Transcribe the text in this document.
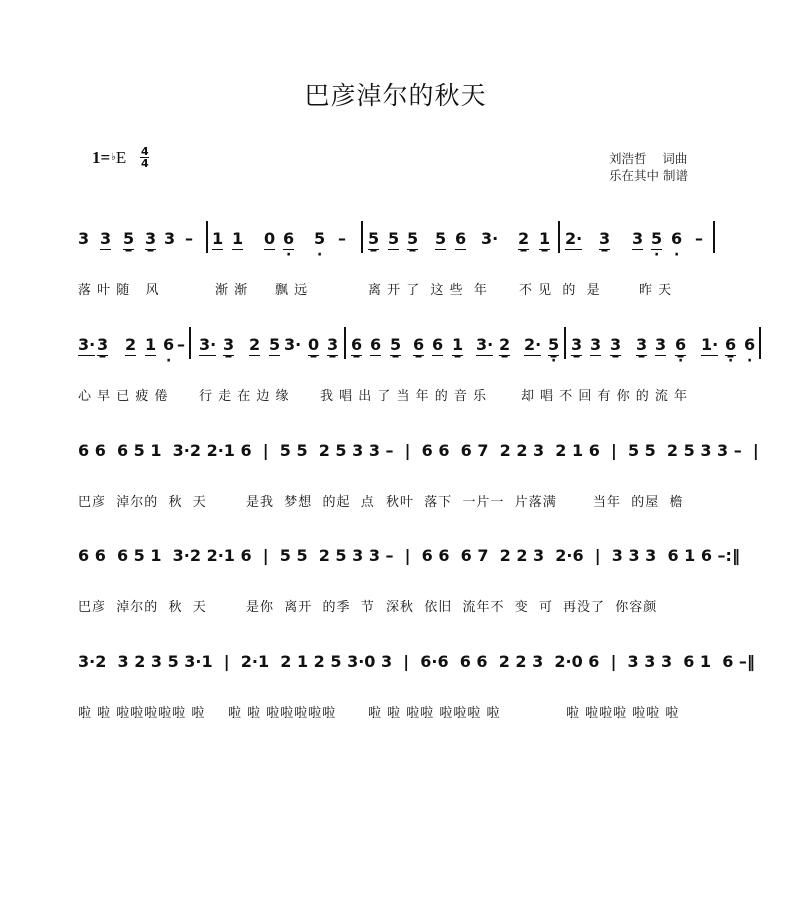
巴彦淖尔的秋天
1= ♭ E 4
4	刘浩哲    词曲
乐在其中 制谱
3 3 5 3 3 – 1 1 0 6
·
5
·
– 5 5 5 5 6 3· 2 1 2· 3 3 5
·
6
·
–

落 叶 随   风

	渐 渐

飘 远

	离 开 了  这 些  年

不 见  的  是

	昨 天

3· 3 2 1 6
·
– 3· 3 2 5 3· 0 3 6 6 5 6 6 1 3· 2 2· 5
·
3 3 3 3 3 6
·
1· 6
·
6
·

心 早 已 疲 倦

行 走 在 边 缘

我 唱 出 了 当 年 的 音 乐

	却 唱 不 回 有 你 的 流 年

6 6  6 5 1  3·2 2·1 6  |  5 5  2 5 3 3 –  |  6 6  6 7  2 2 3  2 1 6  |  5 5  2 5 3 3 –  |

巴彦  淖尔的  秋  天

	是我  梦想  的起  点

秋叶  落下  一片一  片落满

	当年  的屋  檐

6 6  6 5 1  3·2 2·1 6  |  5 5  2 5 3 3 –  |  6 6  6 7  2 2 3  2·6  |  3 3 3  6 1 6 –:‖

巴彦  淖尔的  秋  天

	是你  离开  的季  节

深秋  依旧  流年不  变  可

再没了  你容颜

3·2  3 2 3 5 3·1  |  2·1  2 1 2 5 3·0 3  |  6·6  6 6  2 2 3  2·0 6  |  3 3 3  6 1  6 –‖

啦 啦 啦啦啦啦啦 啦

啦 啦 啦啦啦啦啦

啦 啦 啦啦 啦啦啦 啦

	啦 啦啦啦 啦啦 啦
